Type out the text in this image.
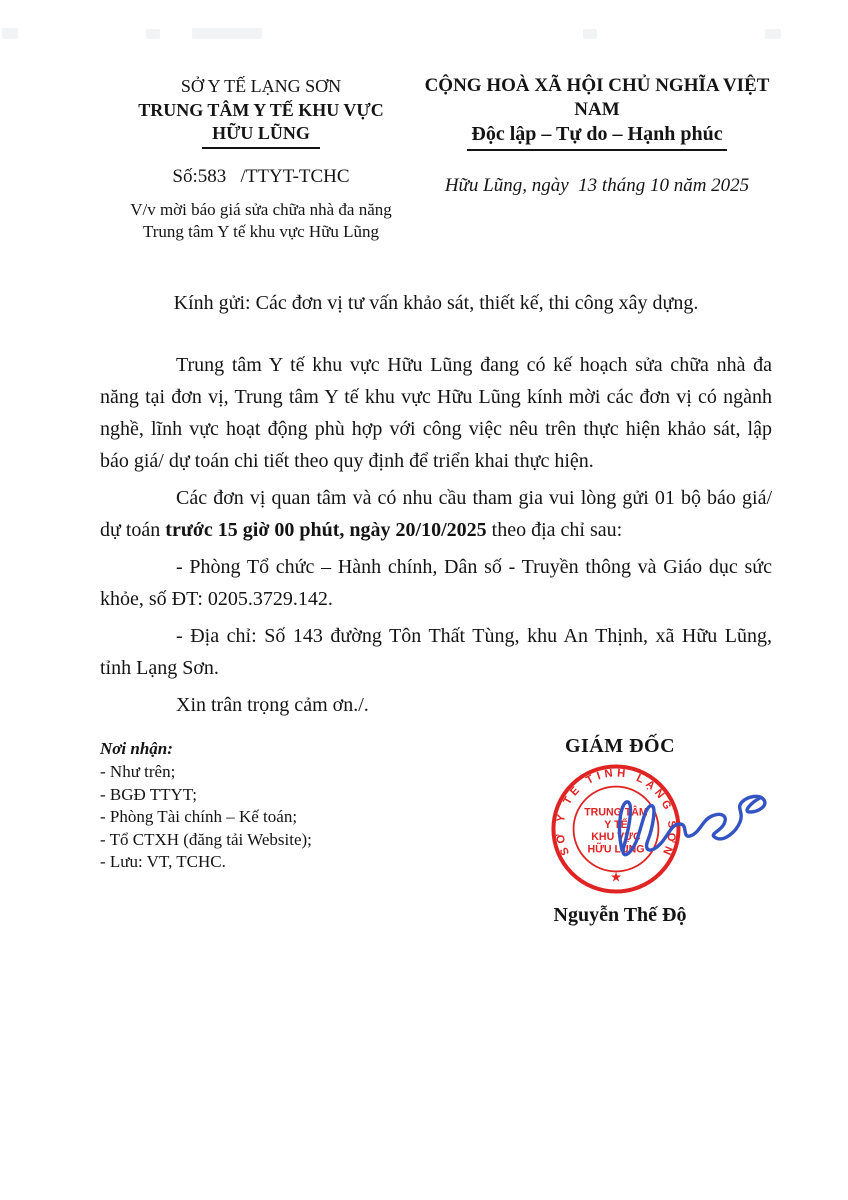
SỞ Y TẾ LẠNG SƠN
TRUNG TÂM Y TẾ KHU VỰC
HỮU LŨNG
Số:583   /TTYT-TCHC
V/v mời báo giá sửa chữa nhà đa năng
Trung tâm Y tế khu vực Hữu Lũng
CỘNG HOÀ XÃ HỘI CHỦ NGHĨA VIỆT NAM
Độc lập – Tự do – Hạnh phúc
Hữu Lũng, ngày  13 tháng 10 năm 2025

Kính gửi: Các đơn vị tư vấn khảo sát, thiết kế, thi công xây dựng.

Trung tâm Y tế khu vực Hữu Lũng đang có kế hoạch sửa chữa nhà đa năng tại đơn vị, Trung tâm Y tế khu vực Hữu Lũng kính mời các đơn vị có ngành nghề, lĩnh vực hoạt động phù hợp với công việc nêu trên thực hiện khảo sát, lập báo giá/ dự toán chi tiết theo quy định để triển khai thực hiện.

Các đơn vị quan tâm và có nhu cầu tham gia vui lòng gửi 01 bộ báo giá/ dự toán trước 15 giờ 00 phút, ngày 20/10/2025 theo địa chỉ sau:

- Phòng Tổ chức – Hành chính, Dân số - Truyền thông và Giáo dục sức khỏe, số ĐT: 0205.3729.142.

- Địa chỉ: Số 143 đường Tôn Thất Tùng, khu An Thịnh, xã Hữu Lũng, tỉnh Lạng Sơn.

Xin trân trọng cảm ơn./.

Nơi nhận:
- Như trên;
- BGĐ TTYT;
- Phòng Tài chính – Kế toán;
- Tổ CTXH (đăng tải Website);
- Lưu: VT, TCHC.
GIÁM ĐỐC
SỞ Y TẾ TỈNH LẠNG SƠN
TRUNG TÂM
Y TẾ
KHU VỰC
HỮU LŨNG
★
Nguyễn Thế Độ
